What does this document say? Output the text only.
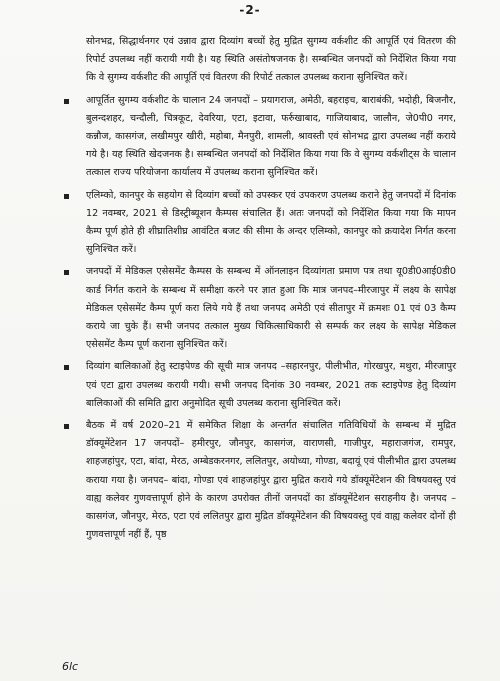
-2-

सोनभद्र, सिद्धार्थनगर एवं उन्नाव द्वारा दिव्यांग बच्चों हेतु मुद्रित सुगम्य वर्कशीट की आपूर्ति एवं वितरण की रिपोर्ट उपलब्ध नहीं करायी गयी है। यह स्थिति असंतोषजनक है। सम्बन्धित जनपदों को निर्देशित किया गया कि वे सुगम्य वर्कशीट की आपूर्ति एवं वितरण की रिपोर्ट तत्काल उपलब्ध कराना सुनिश्चित करें।

आपूर्तित सुगम्य वर्कशीट के चालान 24 जनपदों – प्रयागराज, अमेठी, बहराइच, बाराबंकी, भदोही, बिजनौर, बुलन्दशहर, चन्दौली, चित्रकूट, देवरिया, एटा, इटावा, फर्रुखाबाद, गाजियाबाद, जालौन, जे0पी0 नगर, कन्नौज, कासगंज, लखीमपुर खीरी, महोबा, मैनपुरी, शामली, श्रावस्ती एवं सोनभद्र द्वारा उपलब्ध नहीं कराये गये है। यह स्थिति खेदजनक है। सम्बन्धित जनपदों को निर्देशित किया गया कि वे सुगम्य वर्कशीट्स के चालान तत्काल राज्य परियोजना कार्यालय में उपलब्ध कराना सुनिश्चित करें।
एलिम्को, कानपुर के सहयोग से दिव्यांग बच्चों को उपस्कर एवं उपकरण उपलब्ध कराने हेतु जनपदों में दिनांक 12 नवम्बर, 2021 से डिस्ट्रीब्यूशन कैम्पस संचालित हैं। अतः जनपदों को निर्देशित किया गया कि मापन कैम्प पूर्ण होते ही शीघ्रातिशीघ्र आवंटित बजट की सीमा के अन्दर एलिम्को, कानपुर को क्रयादेश निर्गत करना सुनिश्चित करें।
जनपदों में मेडिकल एसेसमेंट कैम्पस के सम्बन्ध में ऑनलाइन दिव्यांगता प्रमाण पत्र तथा यू0डी0आई0डी0 कार्ड निर्गत कराने के सम्बन्ध में समीक्षा करने पर ज्ञात हुआ कि मात्र जनपद–मीरजापुर में लक्ष्य के सापेक्ष मेडिकल एसेसमेंट कैम्प पूर्ण करा लिये गये हैं तथा जनपद अमेठी एवं सीतापुर में क्रमशः 01 एवं 03 कैम्प कराये जा चुके हैं। सभी जनपद तत्काल मुख्य चिकित्साधिकारी से सम्पर्क कर लक्ष्य के सापेक्ष मेडिकल एसेसमेंट कैम्प पूर्ण कराना सुनिश्चित करें।
दिव्यांग बालिकाओं हेतु स्टाइपेण्ड की सूची मात्र जनपद –सहारनपुर, पीलीभीत, गोरखपुर, मथुरा, मीरजापुर एवं एटा द्वारा उपलब्ध करायी गयी। सभी जनपद दिनांक 30 नवम्बर, 2021 तक स्टाइपेण्ड हेतु दिव्यांग बालिकाओं की समिति द्वारा अनुमोदित सूची उपलब्ध कराना सुनिश्चित करें।
बैठक में वर्ष 2020–21 में समेकित शिक्षा के अन्तर्गत संचालित गतिविधियों के सम्बन्ध में मुद्रित डॉक्यूमेंटेशन 17 जनपदों– हमीरपुर, जौनपुर, कासगंज, वाराणसी, गाजीपुर, महाराजगंज, रामपुर, शाहजहांपुर, एटा, बांदा, मेरठ, अम्बेडकरनगर, ललितपुर, अयोध्या, गोण्डा, बदायूं एवं पीलीभीत द्वारा उपलब्ध कराया गया है। जनपद– बांदा, गोण्डा एवं शाहजहांपुर द्वारा मुद्रित कराये गये डॉक्यूमेंटेशन की विषयवस्तु एवं वाह्य कलेवर गुणवत्तापूर्ण होने के कारण उपरोक्त तीनों जनपदों का डॉक्यूमेंटेशन सराहनीय है। जनपद – कासगंज, जौनपुर, मेरठ, एटा एवं ललितपुर द्वारा मुद्रित डॉक्यूमेंटेशन की विषयवस्तु एवं वाह्य कलेवर दोनों ही गुणवत्तापूर्ण नहीं हैं, पृष्ठ
6lc
